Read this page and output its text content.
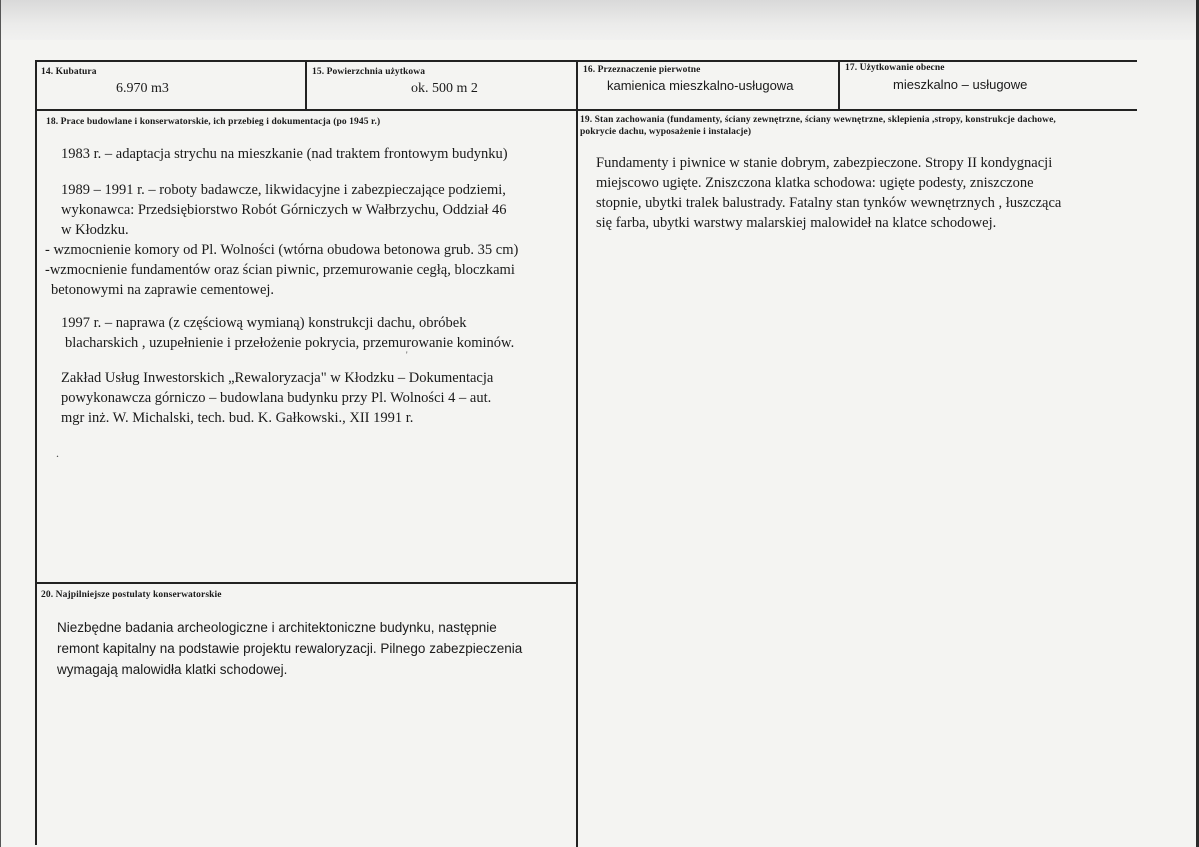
14. Kubatura
6.970 m3
15. Powierzchnia użytkowa
ok. 500 m 2
16. Przeznaczenie pierwotne
kamienica mieszkalno-usługowa
17. Użytkowanie obecne
mieszkalno – usługowe
18. Prace budowlane i konserwatorskie, ich przebieg i dokumentacja (po 1945 r.)
1983 r. – adaptacja strychu na mieszkanie (nad traktem frontowym budynku)
1989 – 1991 r. – roboty badawcze, likwidacyjne i zabezpieczające podziemi,
wykonawca: Przedsiębiorstwo Robót Górniczych w Wałbrzychu, Oddział 46
w Kłodzku.
- wzmocnienie komory od Pl. Wolności (wtórna obudowa betonowa grub. 35 cm)
-wzmocnienie fundamentów oraz ścian piwnic, przemurowanie cegłą, bloczkami
betonowymi na zaprawie cementowej.
1997 r. – naprawa (z częściową wymianą) konstrukcji dachu, obróbek
blacharskich , uzupełnienie i przełożenie pokrycia, przemurowanie kominów.
Zakład Usług Inwestorskich „Rewaloryzacja" w Kłodzku – Dokumentacja
powykonawcza górniczo – budowlana budynku przy Pl. Wolności 4 – aut.
mgr inż. W. Michalski, tech. bud. K. Gałkowski., XII 1991 r.
.
'
19. Stan zachowania (fundamenty, ściany zewnętrzne, ściany wewnętrzne, sklepienia ,stropy, konstrukcje dachowe,
pokrycie dachu, wyposażenie i instalacje)
Fundamenty i piwnice w stanie dobrym, zabezpieczone. Stropy II kondygnacji
miejscowo ugięte. Zniszczona klatka schodowa: ugięte podesty, zniszczone
stopnie, ubytki tralek balustrady. Fatalny stan tynków wewnętrznych , łuszcząca
się farba, ubytki warstwy malarskiej malowideł na klatce schodowej.
20. Najpilniejsze postulaty konserwatorskie
Niezbędne badania archeologiczne i architektoniczne budynku, następnie
remont kapitalny na podstawie projektu rewaloryzacji. Pilnego zabezpieczenia
wymagają malowidła klatki schodowej.
